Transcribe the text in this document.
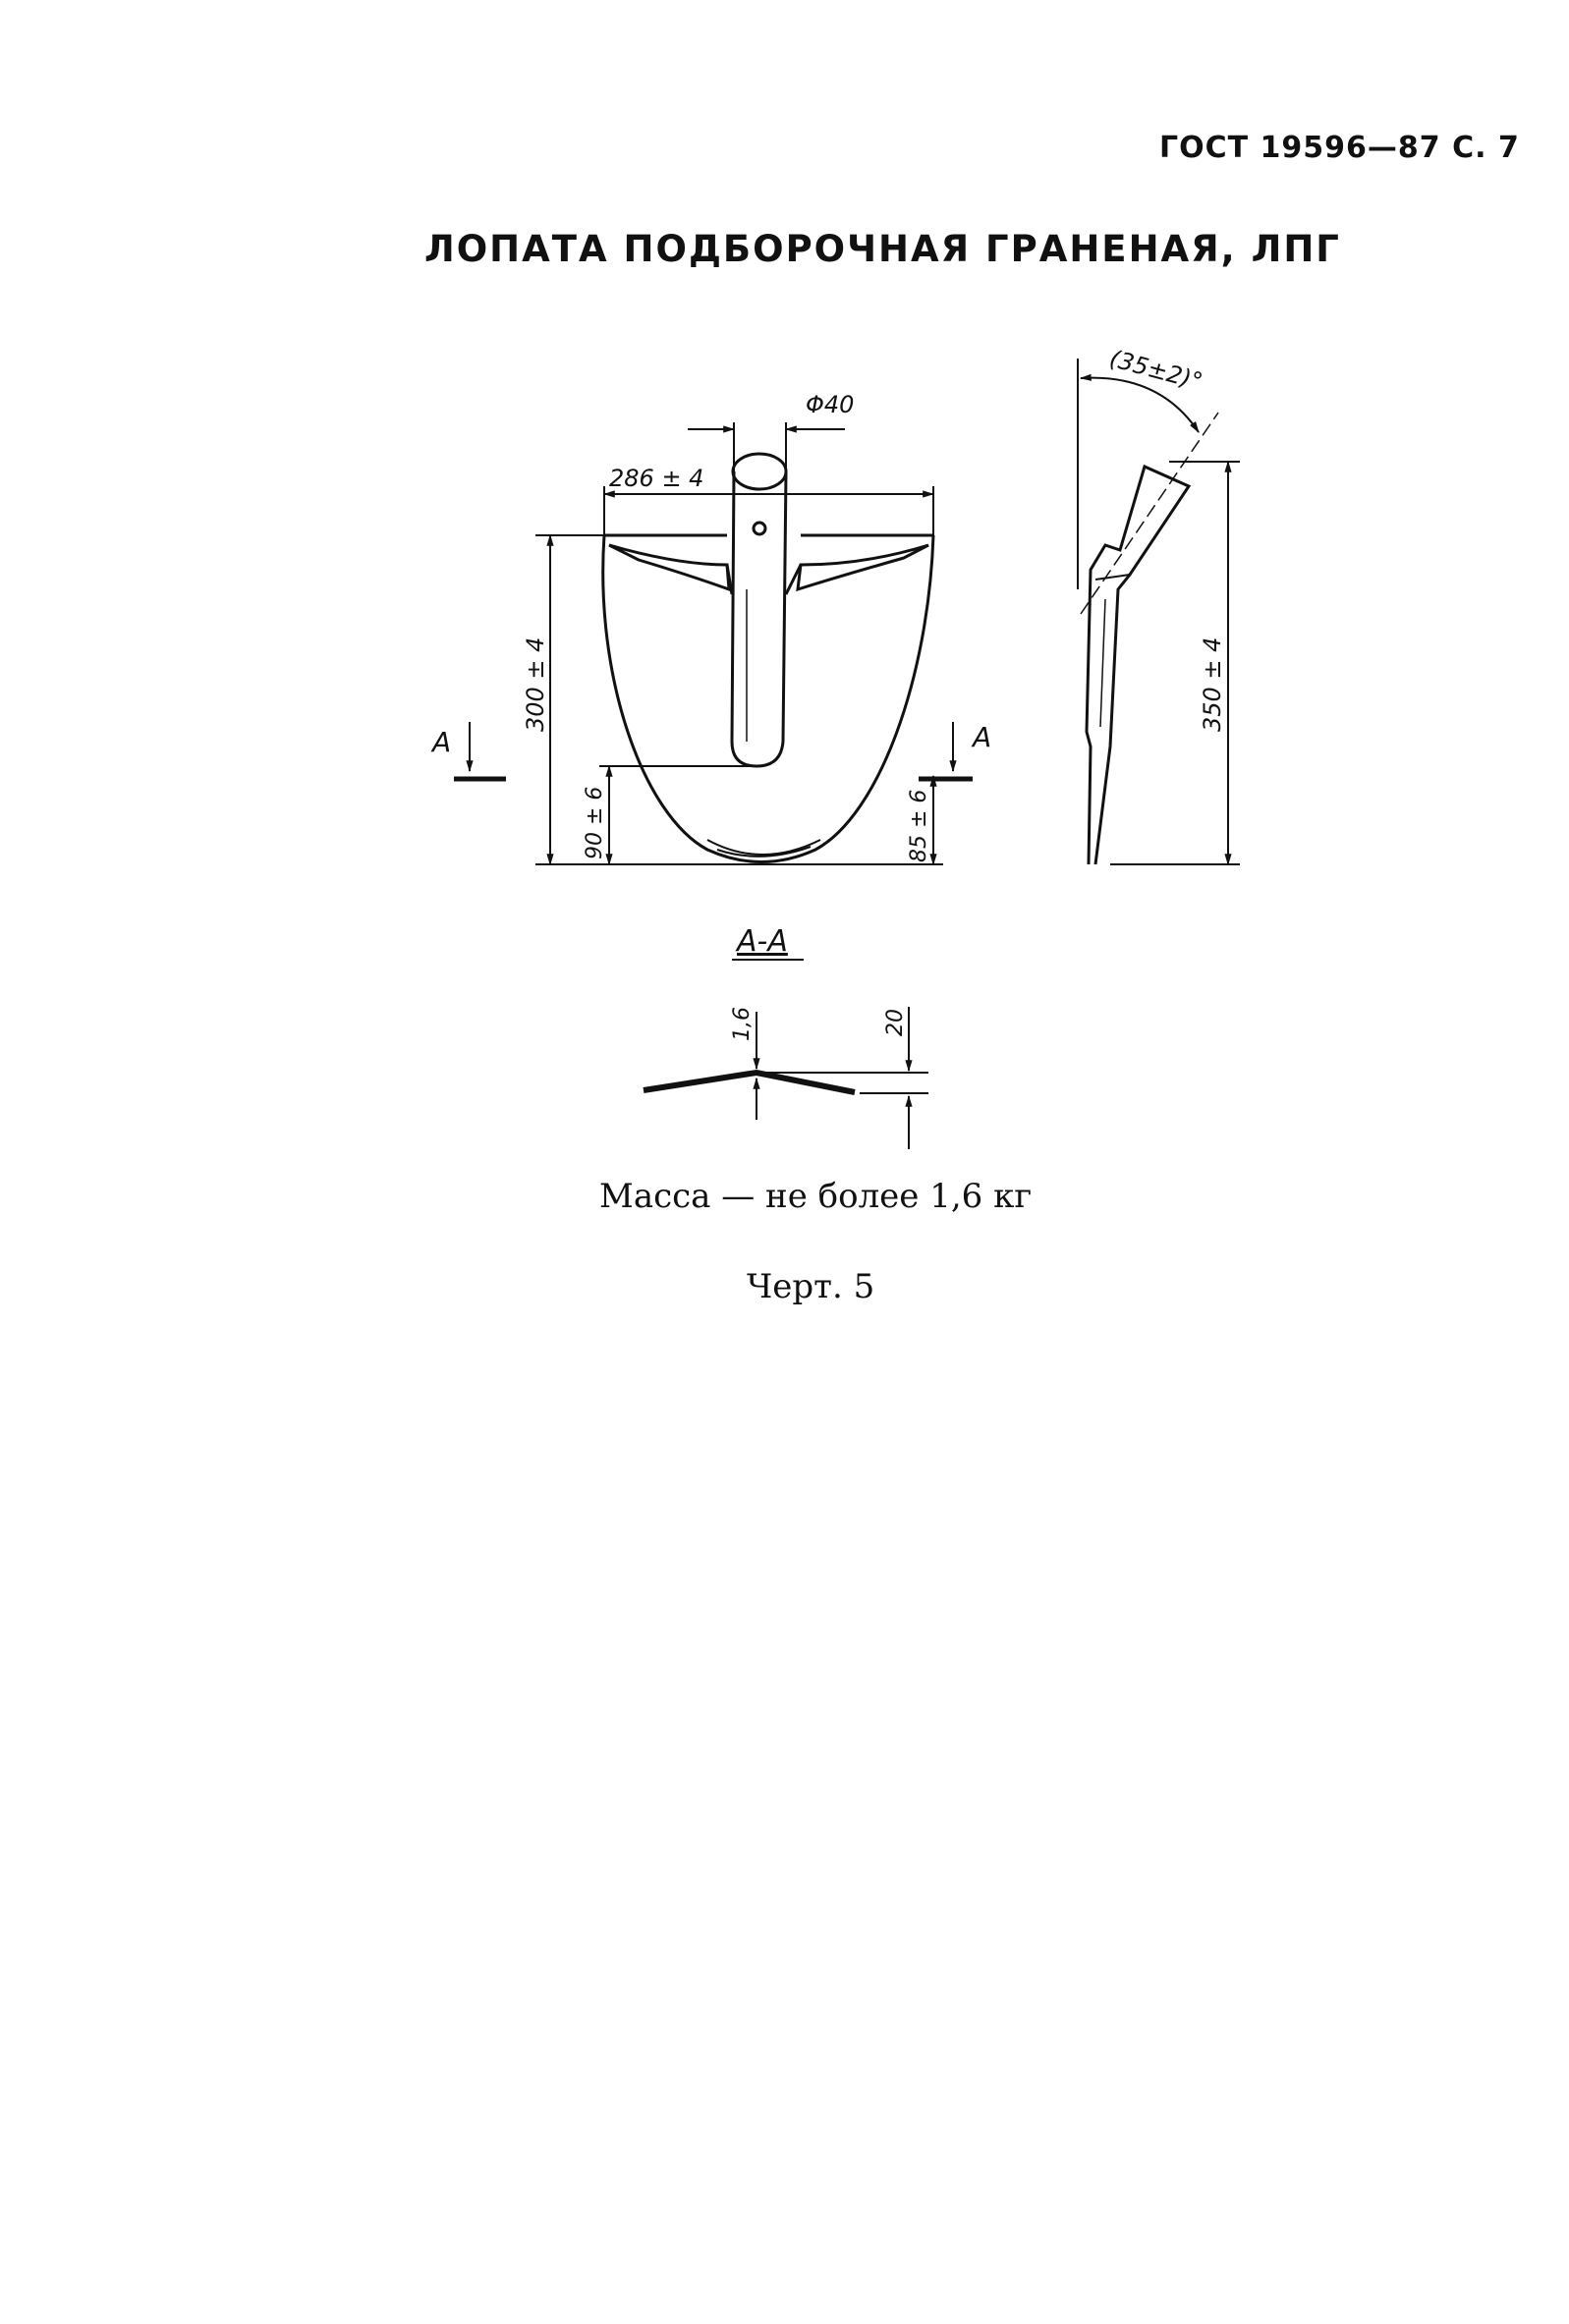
ГОСТ 19596—87 С. 7
ЛОПАТА ПОДБОРОЧНАЯ ГРАНЕНАЯ, ЛПГ
Φ40
286 ± 4
300 ± 4
90 ± 6	85 ± 6
A	A
(35±2)°
350 ± 4
A-A
1,6	20
Масса — не более 1,6 кг
Черт. 5
